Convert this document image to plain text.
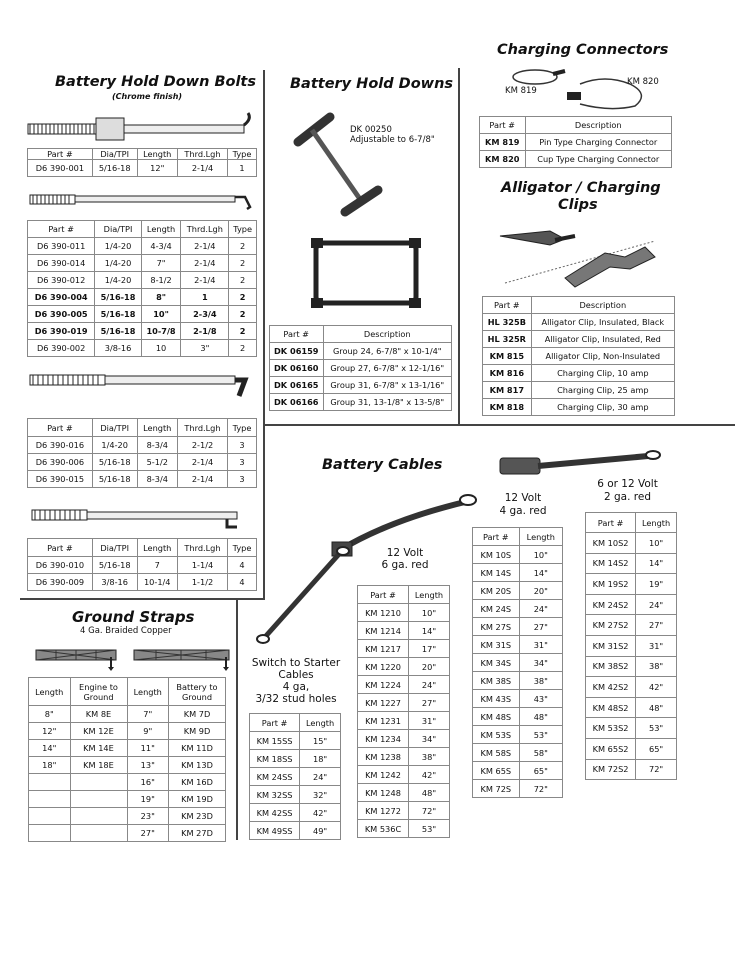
Battery Hold Down Bolts
(Chrome finish)
Part #	Dia/TPI	Length	Thrd.Lgh	Type
D6 390-001	5/16-18	12"	2-1/4	1
Part #	Dia/TPI	Length	Thrd.Lgh	Type
D6 390-011	1/4-20	4-3/4	2-1/4	2
D6 390-014	1/4-20	7"	2-1/4	2
D6 390-012	1/4-20	8-1/2	2-1/4	2
D6 390-004	5/16-18	8"	1	2
D6 390-005	5/16-18	10"	2-3/4	2
D6 390-019	5/16-18	10-7/8	2-1/8	2
D6 390-002	3/8-16	10	3"	2
Part #	Dia/TPI	Length	Thrd.Lgh	Type
D6 390-016	1/4-20	8-3/4	2-1/2	3
D6 390-006	5/16-18	5-1/2	2-1/4	3
D6 390-015	5/16-18	8-3/4	2-1/4	3
Part #	Dia/TPI	Length	Thrd.Lgh	Type
D6 390-010	5/16-18	7	1-1/4	4
D6 390-009	3/8-16	10-1/4	1-1/2	4
Battery Hold Downs
DK 00250
Adjustable to 6-7/8"
Part #	Description
DK 06159	Group 24, 6-7/8" x 10-1/4"
DK 06160	Group 27, 6-7/8" x 12-1/16"
DK 06165	Group 31, 6-7/8" x 13-1/16"
DK 06166	Group 31, 13-1/8" x 13-5/8"
Charging Connectors
KM 819
KM 820
Part #	Description
KM 819	Pin Type Charging Connector
KM 820	Cup Type Charging Connector
Alligator / Charging
Clips
Part #	Description
HL 325B	Alligator Clip, Insulated, Black
HL 325R	Alligator Clip, Insulated, Red
KM 815	Alligator Clip, Non-Insulated
KM 816	Charging Clip, 10 amp
KM 817	Charging Clip, 25 amp
KM 818	Charging Clip, 30 amp
Ground Straps
4 Ga. Braided Copper
Length	Engine to Ground	Length	Battery to Ground
8"	KM 8E	7"	KM 7D
12"	KM 12E	9"	KM 9D
14"	KM 14E	11"	KM 11D
18"	KM 18E	13"	KM 13D
		16"	KM 16D
		19"	KM 19D
		23"	KM 23D
		27"	KM 27D
Battery Cables
Switch to Starter
Cables
4 ga,
3/32 stud holes
Part #	Length
KM 15SS	15"
KM 18SS	18"
KM 24SS	24"
KM 32SS	32"
KM 42SS	42"
KM 49SS	49"
12 Volt
6 ga. red
Part #	Length
KM 1210	10"
KM 1214	14"
KM 1217	17"
KM 1220	20"
KM 1224	24"
KM 1227	27"
KM 1231	31"
KM 1234	34"
KM 1238	38"
KM 1242	42"
KM 1248	48"
KM 1272	72"
KM 536C	53"
12 Volt
4 ga. red
Part #	Length
KM 10S	10"
KM 14S	14"
KM 20S	20"
KM 24S	24"
KM 27S	27"
KM 31S	31"
KM 34S	34"
KM 38S	38"
KM 43S	43"
KM 48S	48"
KM 53S	53"
KM 58S	58"
KM 65S	65"
KM 72S	72"
6 or 12 Volt
2 ga. red
Part #	Length
KM 10S2	10"
KM 14S2	14"
KM 19S2	19"
KM 24S2	24"
KM 27S2	27"
KM 31S2	31"
KM 38S2	38"
KM 42S2	42"
KM 48S2	48"
KM 53S2	53"
KM 65S2	65"
KM 72S2	72"
